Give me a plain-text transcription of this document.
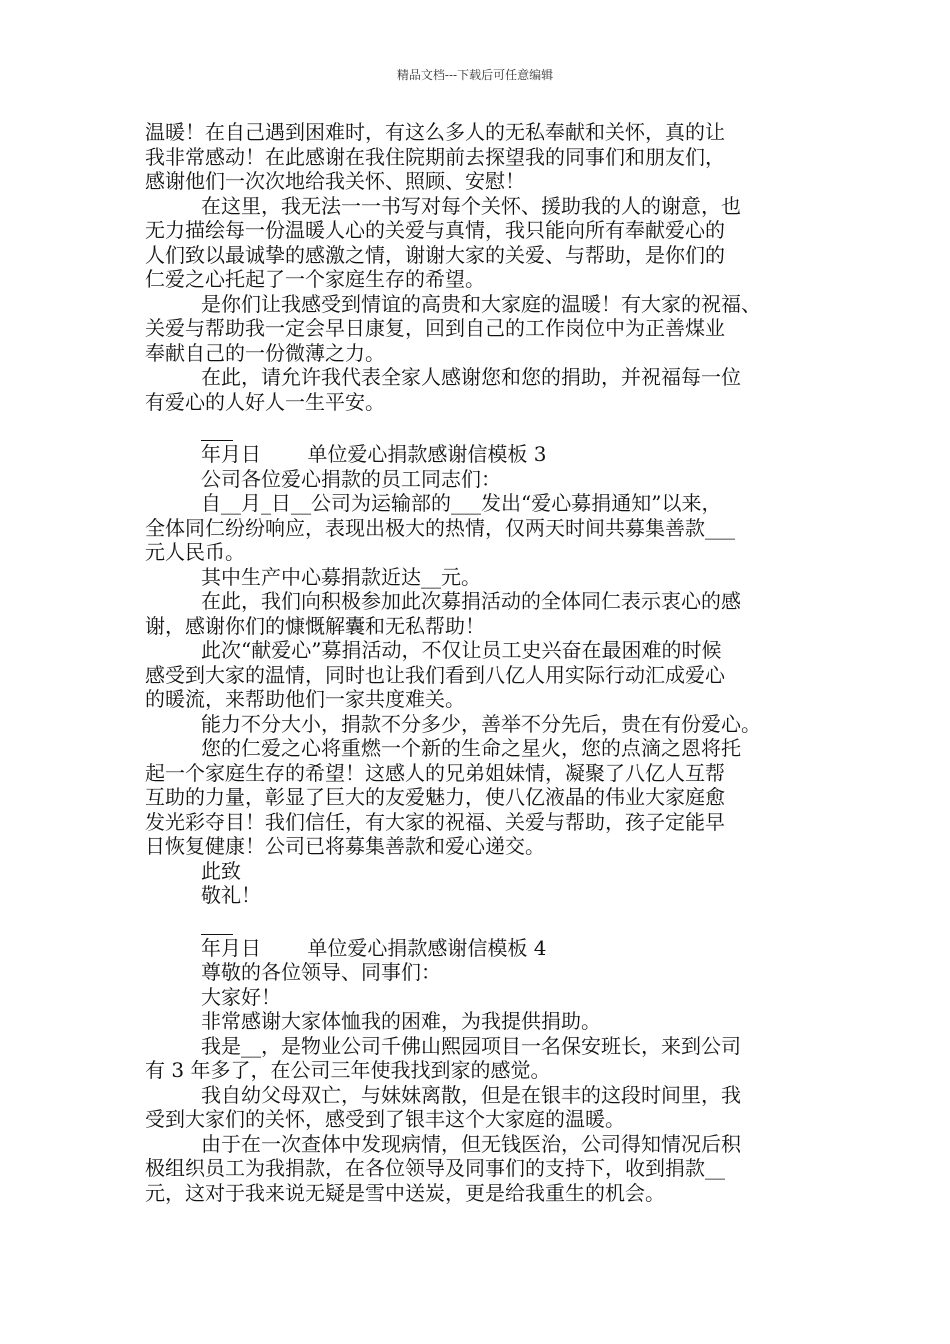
精品文档---下载后可任意编辑
温暖！在自己遇到困难时，有这么多人的无私奉献和关怀，真的让
我非常感动！在此感谢在我住院期前去探望我的同事们和朋友们，
感谢他们一次次地给我关怀、照顾、安慰！
在这里，我无法一一书写对每个关怀、援助我的人的谢意，也
无力描绘每一份温暖人心的关爱与真情，我只能向所有奉献爱心的
人们致以最诚挚的感激之情，谢谢大家的关爱、与帮助，是你们的
仁爱之心托起了一个家庭生存的希望。
是你们让我感受到情谊的高贵和大家庭的温暖！有大家的祝福、
关爱与帮助我一定会早日康复，回到自己的工作岗位中为正善煤业
奉献自己的一份微薄之力。
在此，请允许我代表全家人感谢您和您的捐助，并祝福每一位
有爱心的人好人一生平安。
年月日　　 单位爱心捐款感谢信模板 3
公司各位爱心捐款的员工同志们：
自__月_日__公司为运输部的___发出“爱心募捐通知”以来，
全体同仁纷纷响应，表现出极大的热情，仅两天时间共募集善款___
元人民币。
其中生产中心募捐款近达__元。
在此，我们向积极参加此次募捐活动的全体同仁表示衷心的感
谢，感谢你们的慷慨解囊和无私帮助！
此次“献爱心”募捐活动，不仅让员工史兴奋在最困难的时候
感受到大家的温情，同时也让我们看到八亿人用实际行动汇成爱心
的暖流，来帮助他们一家共度难关。
能力不分大小，捐款不分多少，善举不分先后，贵在有份爱心。
您的仁爱之心将重燃一个新的生命之星火，您的点滴之恩将托
起一个家庭生存的希望！这感人的兄弟姐妹情，凝聚了八亿人互帮
互助的力量，彰显了巨大的友爱魅力，使八亿液晶的伟业大家庭愈
发光彩夺目！我们信任，有大家的祝福、关爱与帮助，孩子定能早
日恢复健康！公司已将募集善款和爱心递交。
此致
敬礼！
年月日　　 单位爱心捐款感谢信模板 4
尊敬的各位领导、同事们：
大家好！
非常感谢大家体恤我的困难，为我提供捐助。
我是__，是物业公司千佛山熙园项目一名保安班长，来到公司
有 3 年多了，在公司三年使我找到家的感觉。
我自幼父母双亡，与妹妹离散，但是在银丰的这段时间里，我
受到大家们的关怀，感受到了银丰这个大家庭的温暖。
由于在一次查体中发现病情，但无钱医治，公司得知情况后积
极组织员工为我捐款，在各位领导及同事们的支持下，收到捐款__
元，这对于我来说无疑是雪中送炭，更是给我重生的机会。
